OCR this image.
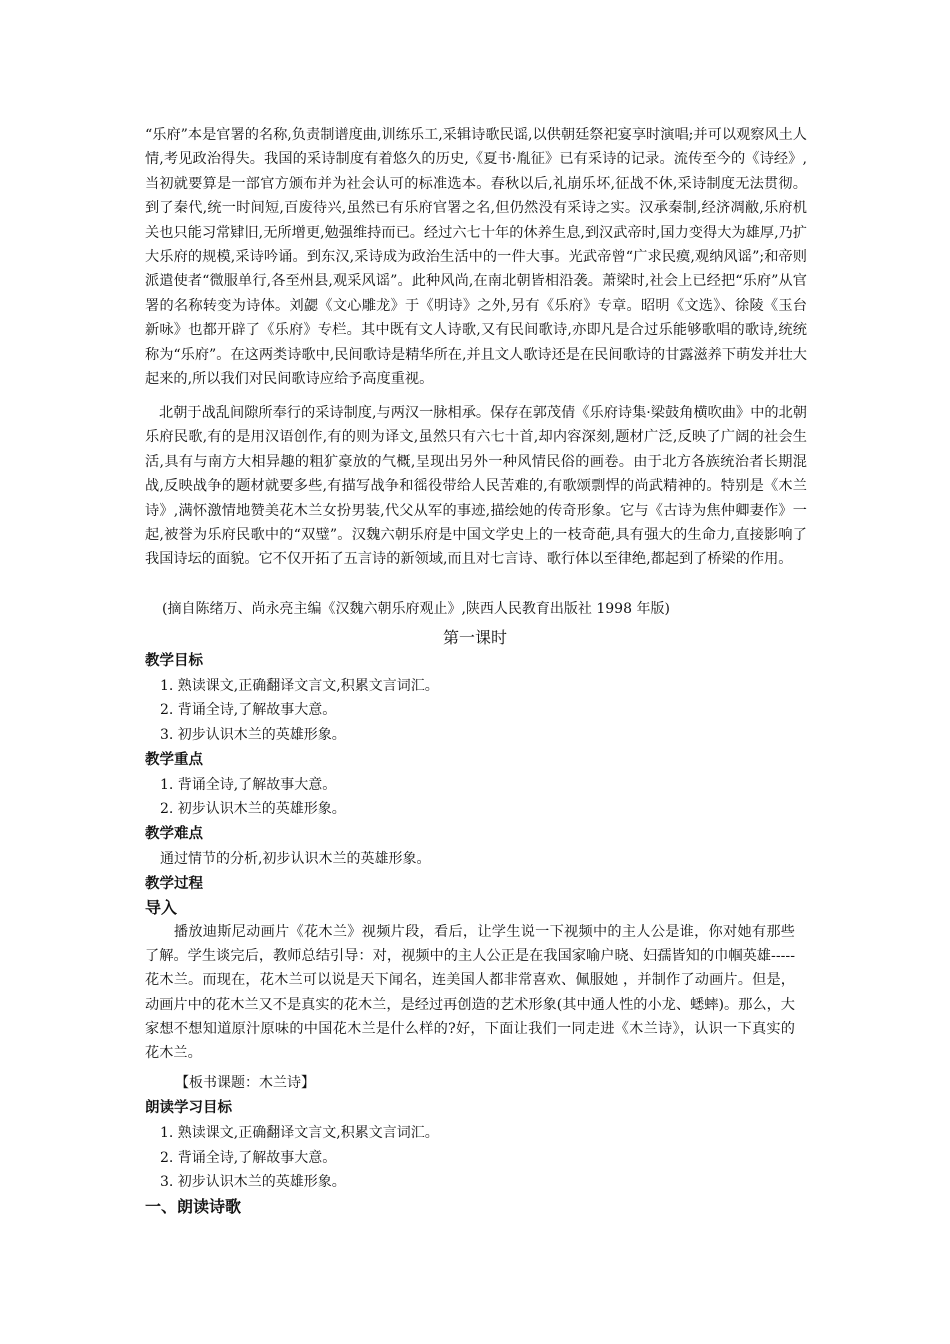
“乐府”本是官署的名称,负责制谱度曲,训练乐工,采辑诗歌民谣,以供朝廷祭祀宴享时演唱;并可以观察风土人情,考见政治得失。我国的采诗制度有着悠久的历史,《夏书·胤征》已有采诗的记录。流传至今的《诗经》,当初就要算是一部官方颁布并为社会认可的标准选本。春秋以后,礼崩乐坏,征战不休,采诗制度无法贯彻。到了秦代,统一时间短,百废待兴,虽然已有乐府官署之名,但仍然没有采诗之实。汉承秦制,经济凋敝,乐府机关也只能习常肄旧,无所增更,勉强维持而已。经过六七十年的休养生息,到汉武帝时,国力变得大为雄厚,乃扩大乐府的规模,采诗吟诵。到东汉,采诗成为政治生活中的一件大事。光武帝曾“广求民瘼,观纳风谣”;和帝则派遣使者“微服单行,各至州县,观采风谣”。此种风尚,在南北朝皆相沿袭。萧梁时,社会上已经把“乐府”从官署的名称转变为诗体。刘勰《文心雕龙》于《明诗》之外,另有《乐府》专章。昭明《文选》、徐陵《玉台新咏》也都开辟了《乐府》专栏。其中既有文人诗歌,又有民间歌诗,亦即凡是合过乐能够歌唱的歌诗,统统称为“乐府”。在这两类诗歌中,民间歌诗是精华所在,并且文人歌诗还是在民间歌诗的甘露滋养下萌发并壮大起来的,所以我们对民间歌诗应给予高度重视。

北朝于战乱间隙所奉行的采诗制度,与两汉一脉相承。保存在郭茂倩《乐府诗集·梁鼓角横吹曲》中的北朝乐府民歌,有的是用汉语创作,有的则为译文,虽然只有六七十首,却内容深刻,题材广泛,反映了广阔的社会生活,具有与南方大相异趣的粗犷豪放的气概,呈现出另外一种风情民俗的画卷。由于北方各族统治者长期混战,反映战争的题材就要多些,有描写战争和徭役带给人民苦难的,有歌颂剽悍的尚武精神的。特别是《木兰诗》,满怀激情地赞美花木兰女扮男装,代父从军的事迹,描绘她的传奇形象。它与《古诗为焦仲卿妻作》一起,被誉为乐府民歌中的“双璧”。汉魏六朝乐府是中国文学史上的一枝奇葩,具有强大的生命力,直接影响了我国诗坛的面貌。它不仅开拓了五言诗的新领域,而且对七言诗、歌行体以至律绝,都起到了桥梁的作用。

(摘自陈绪万、尚永亮主编《汉魏六朝乐府观止》,陕西人民教育出版社 1998 年版)
第一课时
教学目标
1. 熟读课文,正确翻译文言文,积累文言词汇。
2. 背诵全诗,了解故事大意。
3. 初步认识木兰的英雄形象。
教学重点
1. 背诵全诗,了解故事大意。
2. 初步认识木兰的英雄形象。
教学难点
通过情节的分析,初步认识木兰的英雄形象。
教学过程
导入

　　播放迪斯尼动画片《花木兰》视频片段，看后，让学生说一下视频中的主人公是谁，你对她有那些了解。学生谈完后，教师总结引导：对，视频中的主人公正是在我国家喻户晓、妇孺皆知的巾帼英雄-----花木兰。而现在，花木兰可以说是天下闻名，连美国人都非常喜欢、佩服她 ，并制作了动画片。但是，动画片中的花木兰又不是真实的花木兰，是经过再创造的艺术形象(其中通人性的小龙、蟋蟀)。那么，大家想不想知道原汁原味的中国花木兰是什么样的?好，下面让我们一同走进《木兰诗》，认识一下真实的花木兰。

【板书课题：木兰诗】
朗读学习目标
1. 熟读课文,正确翻译文言文,积累文言词汇。
2. 背诵全诗,了解故事大意。
3. 初步认识木兰的英雄形象。
一、朗读诗歌
